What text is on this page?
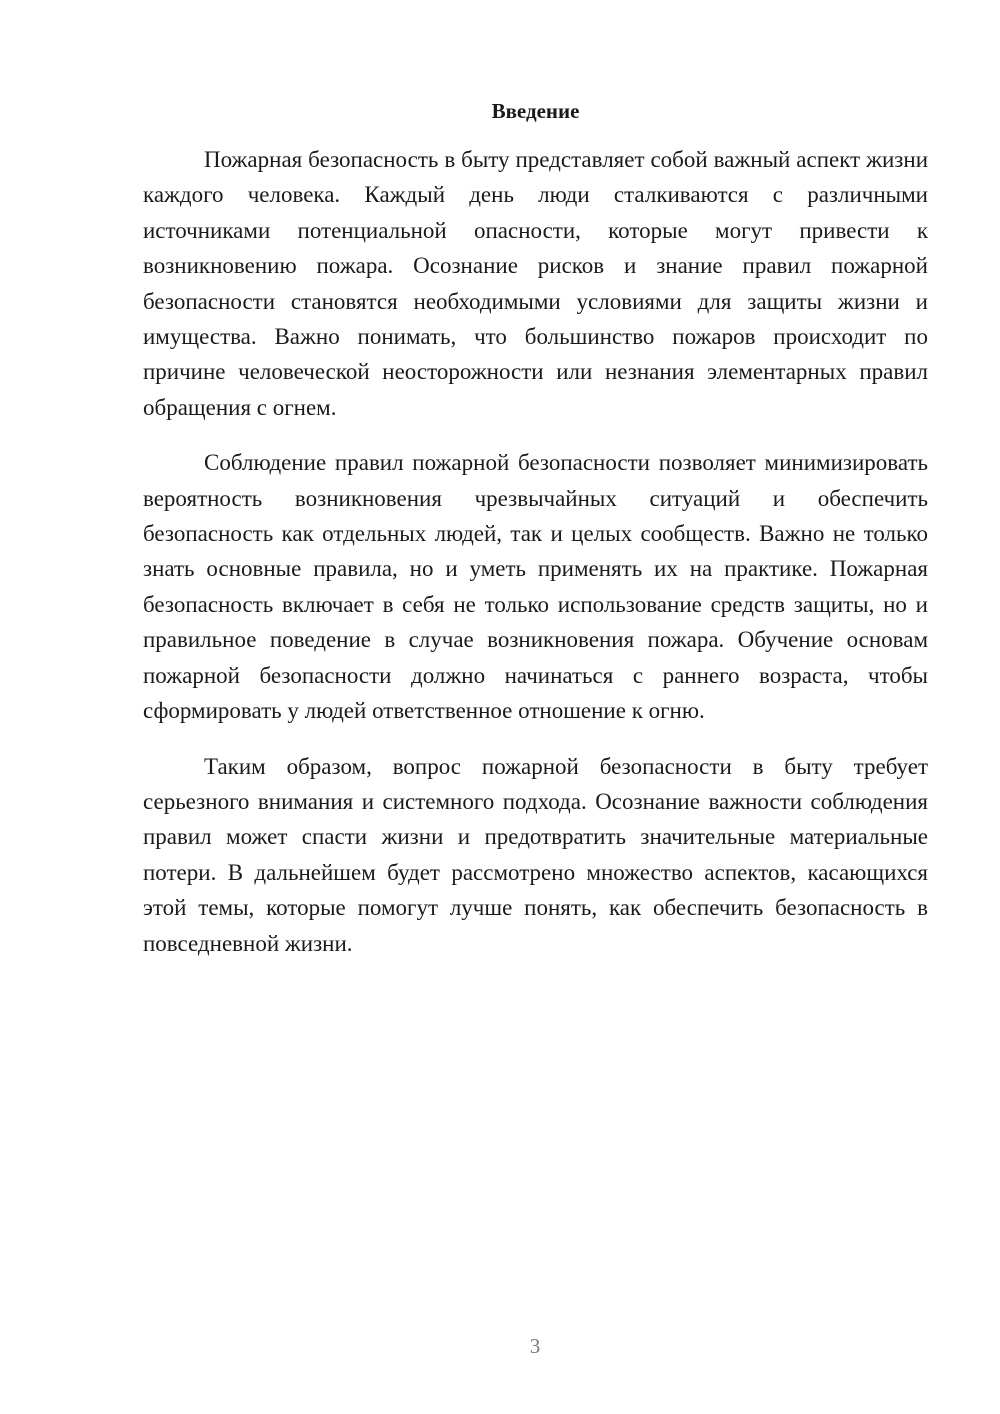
Введение

Пожарная безопасность в быту представляет собой важный аспект жизни каждого человека. Каждый день люди сталкиваются с различными источниками потенциальной опасности, которые могут привести к возникновению пожара. Осознание рисков и знание правил пожарной безопасности становятся необходимыми условиями для защиты жизни и имущества. Важно понимать, что большинство пожаров происходит по причине человеческой неосторожности или незнания элементарных правил обращения с огнем.

Соблюдение правил пожарной безопасности позволяет минимизировать вероятность возникновения чрезвычайных ситуаций и обеспечить безопасность как отдельных людей, так и целых сообществ. Важно не только знать основные правила, но и уметь применять их на практике. Пожарная безопасность включает в себя не только использование средств защиты, но и правильное поведение в случае возникновения пожара. Обучение основам пожарной безопасности должно начинаться с раннего возраста, чтобы сформировать у людей ответственное отношение к огню.

Таким образом, вопрос пожарной безопасности в быту требует серьезного внимания и системного подхода. Осознание важности соблюдения правил может спасти жизни и предотвратить значительные материальные потери. В дальнейшем будет рассмотрено множество аспектов, касающихся этой темы, которые помогут лучше понять, как обеспечить безопасность в повседневной жизни.

3
